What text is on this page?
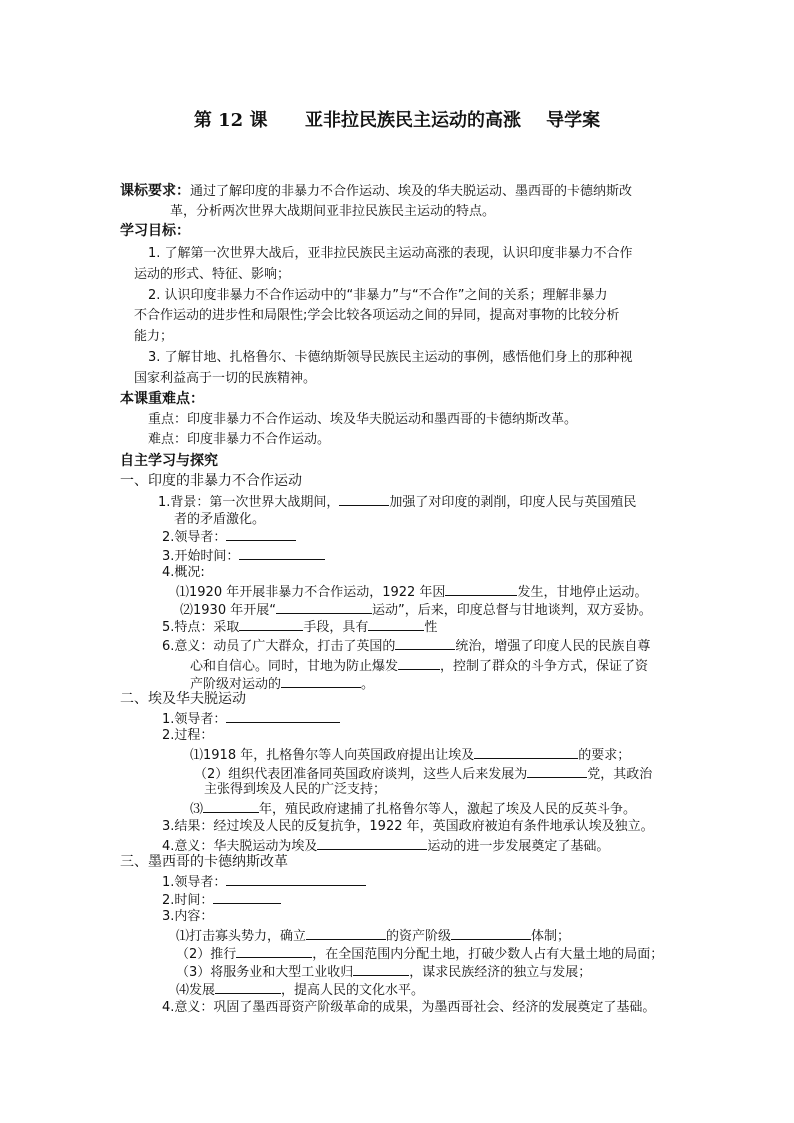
第 12 课      亚非拉民族民主运动的高涨    导学案
课标要求：通过了解印度的非暴力不合作运动、埃及的华夫脱运动、墨西哥的卡德纳斯改
革，分析两次世界大战期间亚非拉民族民主运动的特点。
学习目标：
1. 了解第一次世界大战后，亚非拉民族民主运动高涨的表现，认识印度非暴力不合作
运动的形式、特征、影响；
2. 认识印度非暴力不合作运动中的“非暴力”与“不合作”之间的关系；理解非暴力
不合作运动的进步性和局限性;学会比较各项运动之间的异同，提高对事物的比较分析
能力；
3. 了解甘地、扎格鲁尔、卡德纳斯领导民族民主运动的事例，感悟他们身上的那种视
国家利益高于一切的民族精神。
本课重难点：
重点：印度非暴力不合作运动、埃及华夫脱运动和墨西哥的卡德纳斯改革。
难点：印度非暴力不合作运动。
自主学习与探究
一、印度的非暴力不合作运动
1.背景：第一次世界大战期间，	加强了对印度的剥削，印度人民与英国殖民
者的矛盾激化。
2.领导者：
3.开始时间：
4.概况:
⑴1920 年开展非暴力不合作运动，1922 年因	发生，甘地停止运动。
⑵1930 年开展“	运动”，后来，印度总督与甘地谈判，双方妥协。
5.特点：采取	手段，具有	性
6.意义：动员了广大群众，打击了英国的	统治，增强了印度人民的民族自尊
心和自信心。同时，甘地为防止爆发	，控制了群众的斗争方式，保证了资
产阶级对运动的	。
二、埃及华夫脱运动
1.领导者：
2.过程：
⑴1918 年，扎格鲁尔等人向英国政府提出让埃及	的要求；
（2）组织代表团准备同英国政府谈判，这些人后来发展为	党，其政治
主张得到埃及人民的广泛支持；
⑶	年，殖民政府逮捕了扎格鲁尔等人，激起了埃及人民的反英斗争。
3.结果：经过埃及人民的反复抗争，1922 年，英国政府被迫有条件地承认埃及独立。
4.意义：华夫脱运动为埃及	运动的进一步发展奠定了基础。
三、墨西哥的卡德纳斯改革
1.领导者：
2.时间：
3.内容：
⑴打击寡头势力，确立	的资产阶级	体制；
（2）推行	，在全国范围内分配土地，打破少数人占有大量土地的局面；
（3）将服务业和大型工业收归	，谋求民族经济的独立与发展；
⑷发展	，提高人民的文化水平。
4.意义：巩固了墨西哥资产阶级革命的成果，为墨西哥社会、经济的发展奠定了基础。
